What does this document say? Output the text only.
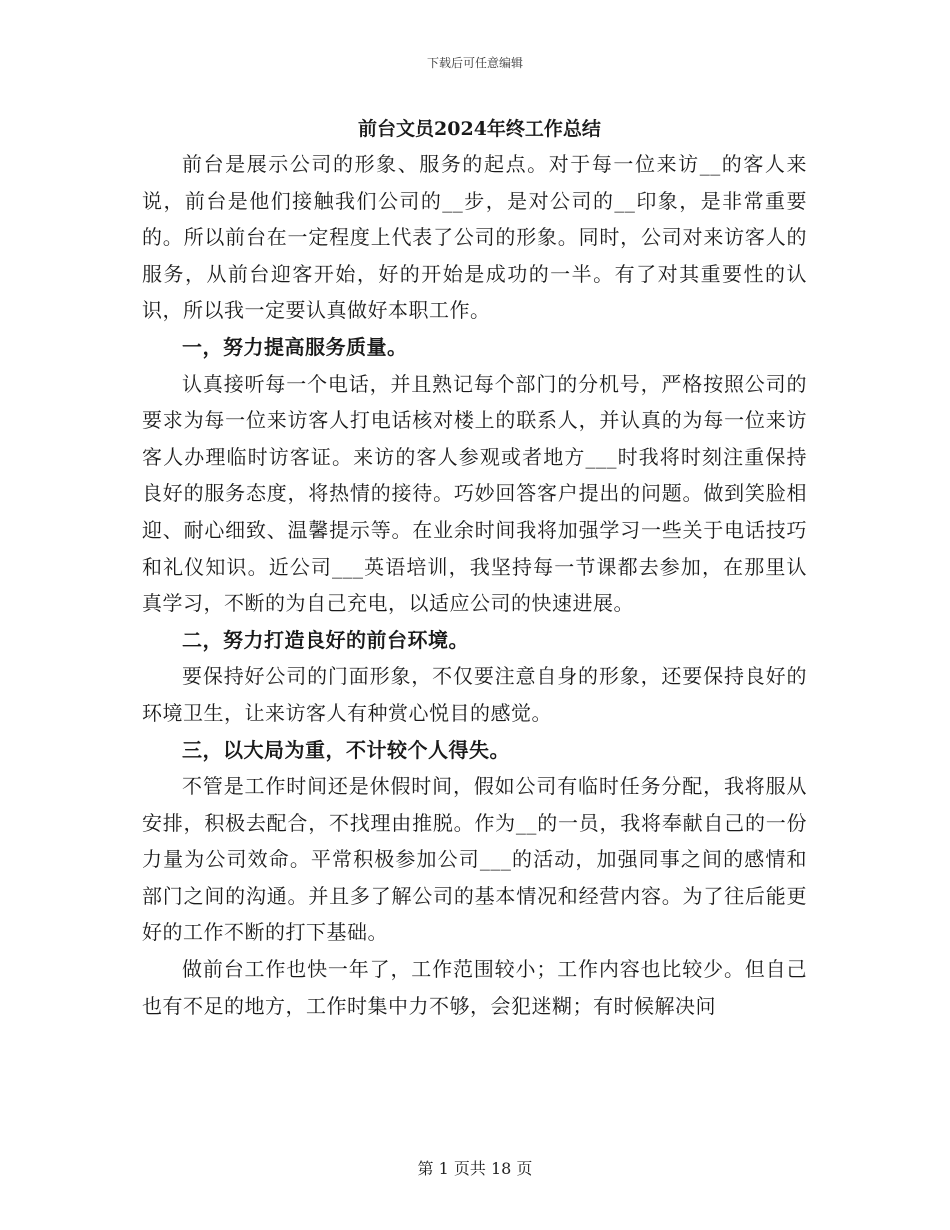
下载后可任意编辑
前台文员2024年终工作总结

前台是展示公司的形象、服务的起点。对于每一位来访__的客人来说，前台是他们接触我们公司的__步，是对公司的__印象，是非常重要的。所以前台在一定程度上代表了公司的形象。同时，公司对来访客人的服务，从前台迎客开始，好的开始是成功的一半。有了对其重要性的认识，所以我一定要认真做好本职工作。

一，努力提高服务质量。

认真接听每一个电话，并且熟记每个部门的分机号，严格按照公司的要求为每一位来访客人打电话核对楼上的联系人，并认真的为每一位来访客人办理临时访客证。来访的客人参观或者地方___时我将时刻注重保持良好的服务态度，将热情的接待。巧妙回答客户提出的问题。做到笑脸相迎、耐心细致、温馨提示等。在业余时间我将加强学习一些关于电话技巧和礼仪知识。近公司___英语培训，我坚持每一节课都去参加，在那里认真学习，不断的为自己充电，以适应公司的快速进展。

二，努力打造良好的前台环境。

要保持好公司的门面形象，不仅要注意自身的形象，还要保持良好的环境卫生，让来访客人有种赏心悦目的感觉。

三，以大局为重，不计较个人得失。

不管是工作时间还是休假时间，假如公司有临时任务分配，我将服从安排，积极去配合，不找理由推脱。作为__的一员，我将奉献自己的一份力量为公司效命。平常积极参加公司___的活动，加强同事之间的感情和部门之间的沟通。并且多了解公司的基本情况和经营内容。为了往后能更好的工作不断的打下基础。

做前台工作也快一年了，工作范围较小；工作内容也比较少。但自己也有不足的地方，工作时集中力不够，会犯迷糊；有时候解决问

第 1 页共 18 页
